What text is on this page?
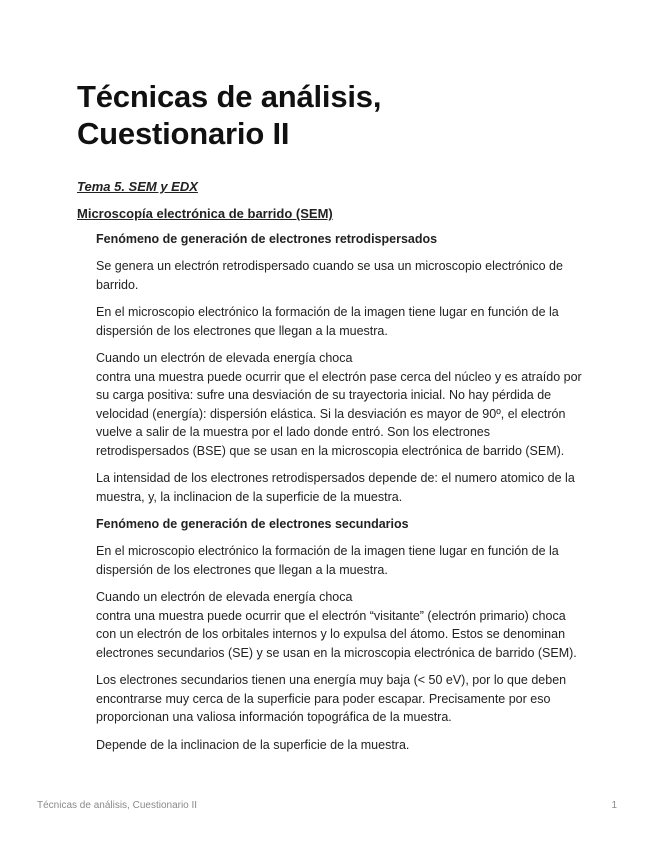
Técnicas de análisis,
Cuestionario II

Tema 5. SEM y EDX

Microscopía electrónica de barrido (SEM)

Fenómeno de generación de electrones retrodispersados

Se genera un electrón retrodispersado cuando se usa un microscopio electrónico de barrido.

En el microscopio electrónico la formación de la imagen tiene lugar en función de la dispersión de los electrones que llegan a la muestra.

Cuando un electrón de elevada energía choca
contra una muestra puede ocurrir que el electrón pase cerca del núcleo y es atraído por su carga positiva: sufre una desviación de su trayectoria inicial. No hay pérdida de velocidad (energía): dispersión elástica. Si la desviación es mayor de 90º, el electrón vuelve a salir de la muestra por el lado donde entró. Son los electrones retrodispersados (BSE) que se usan en la microscopia electrónica de barrido (SEM).

La intensidad de los electrones retrodispersados depende de: el numero atomico de la muestra, y, la inclinacion de la superficie de la muestra.

Fenómeno de generación de electrones secundarios

En el microscopio electrónico la formación de la imagen tiene lugar en función de la dispersión de los electrones que llegan a la muestra.

Cuando un electrón de elevada energía choca
contra una muestra puede ocurrir que el electrón “visitante” (electrón primario) choca con un electrón de los orbitales internos y lo expulsa del átomo. Estos se denominan electrones secundarios (SE) y se usan en la microscopia electrónica de barrido (SEM).

Los electrones secundarios tienen una energía muy baja (< 50 eV), por lo que deben encontrarse muy cerca de la superficie para poder escapar. Precisamente por eso proporcionan una valiosa información topográfica de la muestra.

Depende de la inclinacion de la superficie de la muestra.

Técnicas de análisis, Cuestionario II	1
